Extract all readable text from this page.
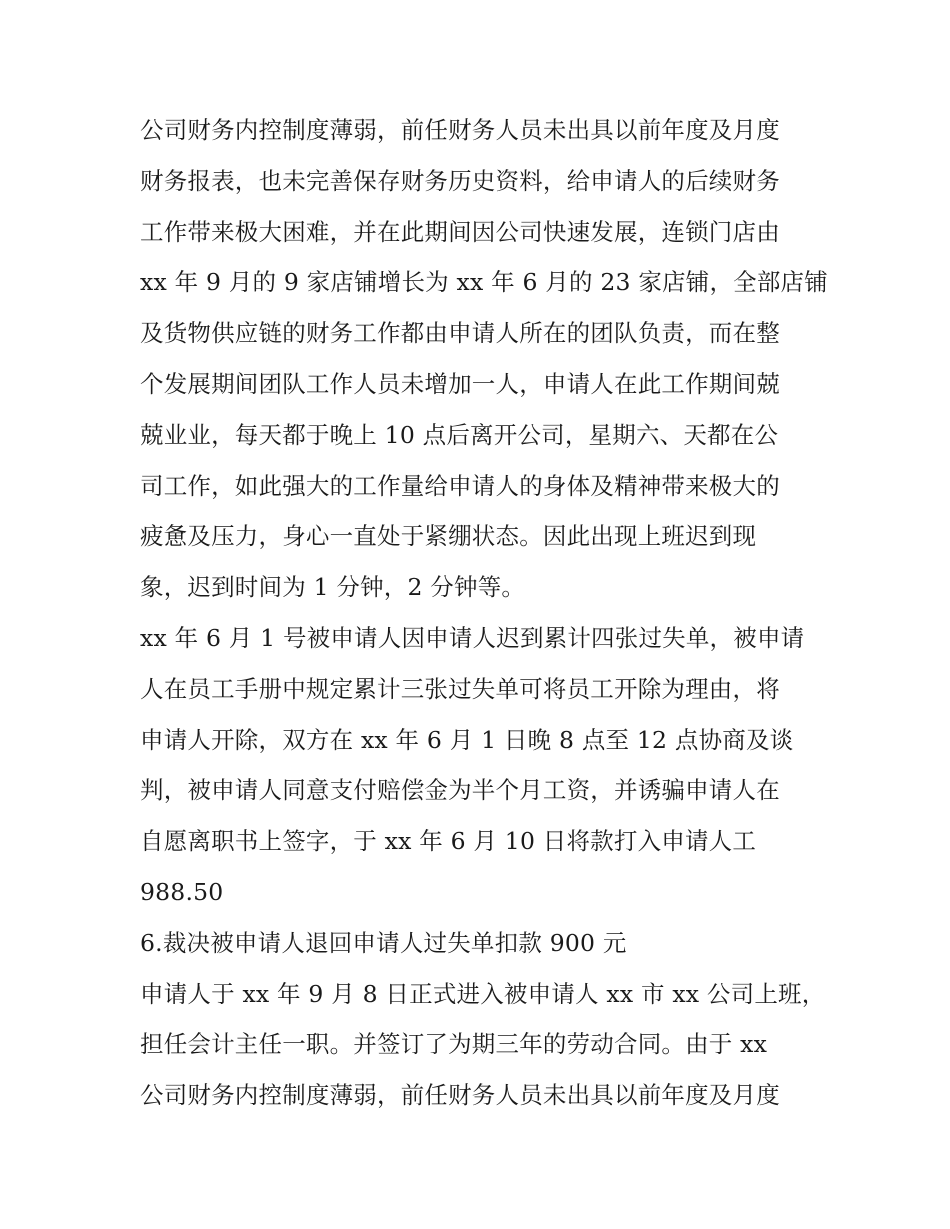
公司财务内控制度薄弱，前任财务人员未出具以前年度及月度
财务报表，也未完善保存财务历史资料，给申请人的后续财务
工作带来极大困难，并在此期间因公司快速发展，连锁门店由
xx 年 9 月的 9 家店铺增长为 xx 年 6 月的 23 家店铺，全部店铺
及货物供应链的财务工作都由申请人所在的团队负责，而在整
个发展期间团队工作人员未增加一人，申请人在此工作期间兢
兢业业，每天都于晚上 10 点后离开公司，星期六、天都在公
司工作，如此强大的工作量给申请人的身体及精神带来极大的
疲惫及压力，身心一直处于紧绷状态。因此出现上班迟到现
象，迟到时间为 1 分钟，2 分钟等。
xx 年 6 月 1 号被申请人因申请人迟到累计四张过失单，被申请
人在员工手册中规定累计三张过失单可将员工开除为理由，将
申请人开除，双方在 xx 年 6 月 1 日晚 8 点至 12 点协商及谈
判，被申请人同意支付赔偿金为半个月工资，并诱骗申请人在
自愿离职书上签字，于 xx 年 6 月 10 日将款打入申请人工
988.50
6.裁决被申请人退回申请人过失单扣款 900 元
申请人于 xx 年 9 月 8 日正式进入被申请人 xx 市 xx 公司上班，
担任会计主任一职。并签订了为期三年的劳动合同。由于 xx
公司财务内控制度薄弱，前任财务人员未出具以前年度及月度
